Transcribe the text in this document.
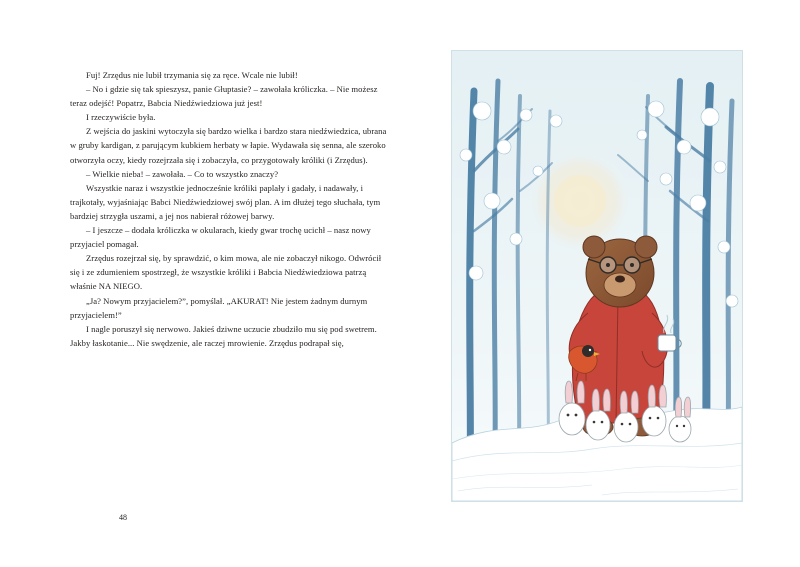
Fuj! Zrzędus nie lubił trzymania się za ręce. Wcale nie lubił!

– No i gdzie się tak spieszysz, panie Głuptasie? – zawołała króliczka. – Nie możesz teraz odejść! Popatrz, Babcia Niedźwiedziowa już jest!

I rzeczywiście była.

Z wejścia do jaskini wytoczyła się bardzo wielka i bardzo stara niedźwiedzica, ubrana w gruby kardigan, z parującym kubkiem herbaty w łapie. Wydawała się senna, ale szeroko otworzyła oczy, kiedy rozejrzała się i zobaczyła, co przygotowały króliki (i Zrzędus).

– Wielkie nieba! – zawołała. – Co to wszystko znaczy?

Wszystkie naraz i wszystkie jednocześnie króliki paplały i gadały, i nadawały, i trajkotały, wyjaśniając Babci Niedźwiedziowej swój plan. A im dłużej tego słuchała, tym bardziej strzygła uszami, a jej nos nabierał różowej barwy.

– I jeszcze – dodała króliczka w okularach, kiedy gwar trochę ucichł – nasz nowy przyjaciel pomagał.

Zrzędus rozejrzał się, by sprawdzić, o kim mowa, ale nie zobaczył nikogo. Odwrócił się i ze zdumieniem spostrzegł, że wszystkie króliki i Babcia Niedźwiedziowa patrzą właśnie NA NIEGO.

„Ja? Nowym przyjacielem?”, pomyślał. „AKURAT! Nie jestem żadnym durnym przyjacielem!”

I nagle poruszył się nerwowo. Jakieś dziwne uczucie zbudziło mu się pod swetrem. Jakby łaskotanie... Nie swędzenie, ale raczej mrowienie. Zrzędus podrapał się,

48
